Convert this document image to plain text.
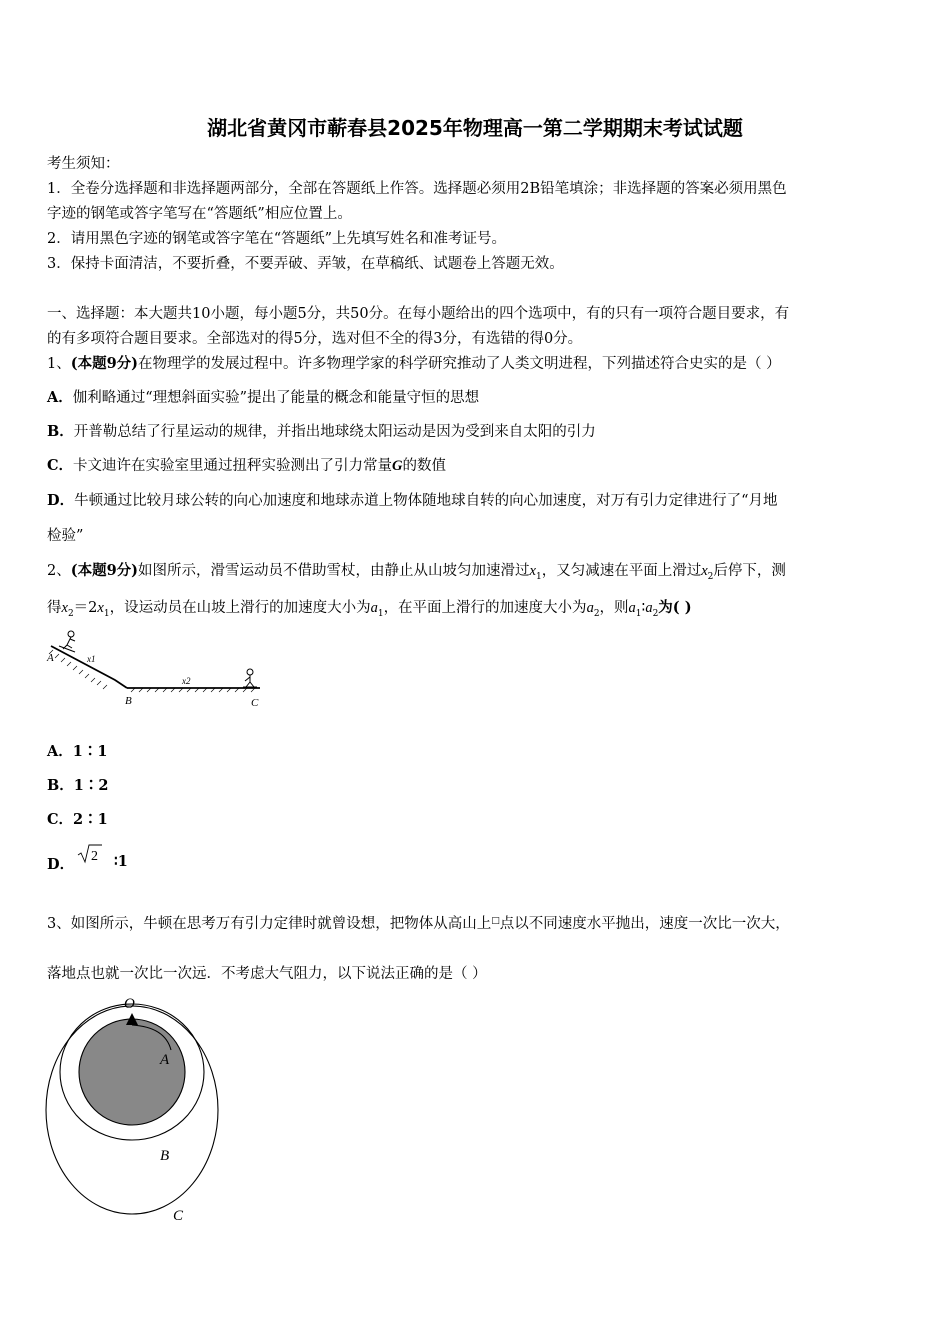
湖北省黄冈市蕲春县2025年物理高一第二学期期末考试试题
考生须知：
1．全卷分选择题和非选择题两部分，全部在答题纸上作答。选择题必须用2B铅笔填涂；非选择题的答案必须用黑色
字迹的钢笔或答字笔写在“答题纸”相应位置上。
2．请用黑色字迹的钢笔或答字笔在“答题纸”上先填写姓名和准考证号。
3．保持卡面清洁，不要折叠，不要弄破、弄皱，在草稿纸、试题卷上答题无效。
一、选择题：本大题共10小题，每小题5分，共50分。在每小题给出的四个选项中，有的只有一项符合题目要求，有
的有多项符合题目要求。全部选对的得5分，选对但不全的得3分，有选错的得0分。
1、(本题9分)在物理学的发展过程中。许多物理学家的科学研究推动了人类文明进程，下列描述符合史实的是（ ）
A．伽利略通过“理想斜面实验”提出了能量的概念和能量守恒的思想
B．开普勒总结了行星运动的规律，并指出地球绕太阳运动是因为受到来自太阳的引力
C．卡文迪许在实验室里通过扭秤实验测出了引力常量G的数值
D．牛顿通过比较月球公转的向心加速度和地球赤道上物体随地球自转的向心加速度，对万有引力定律进行了“月地
检验”
2、(本题9分)如图所示，滑雪运动员不借助雪杖，由静止从山坡匀加速滑过$x_1$，又匀减速在平面上滑过$x_2$后停下，测
得$x_2=2x_1$，设运动员在山坡上滑行的加速度大小为$a_1$，在平面上滑行的加速度大小为$a_2$，则$a_1∶a_2$为( )
A	x1
x2
B	C
A．1∶1
B．1∶2
C．2∶1
D． 2 ∶1
3、如图所示，牛顿在思考万有引力定律时就曾设想，把物体从高山上□点以不同速度水平抛出，速度一次比一次大，
落地点也就一次比一次远．不考虑大气阻力，以下说法正确的是（ ）
O
A
B
C
